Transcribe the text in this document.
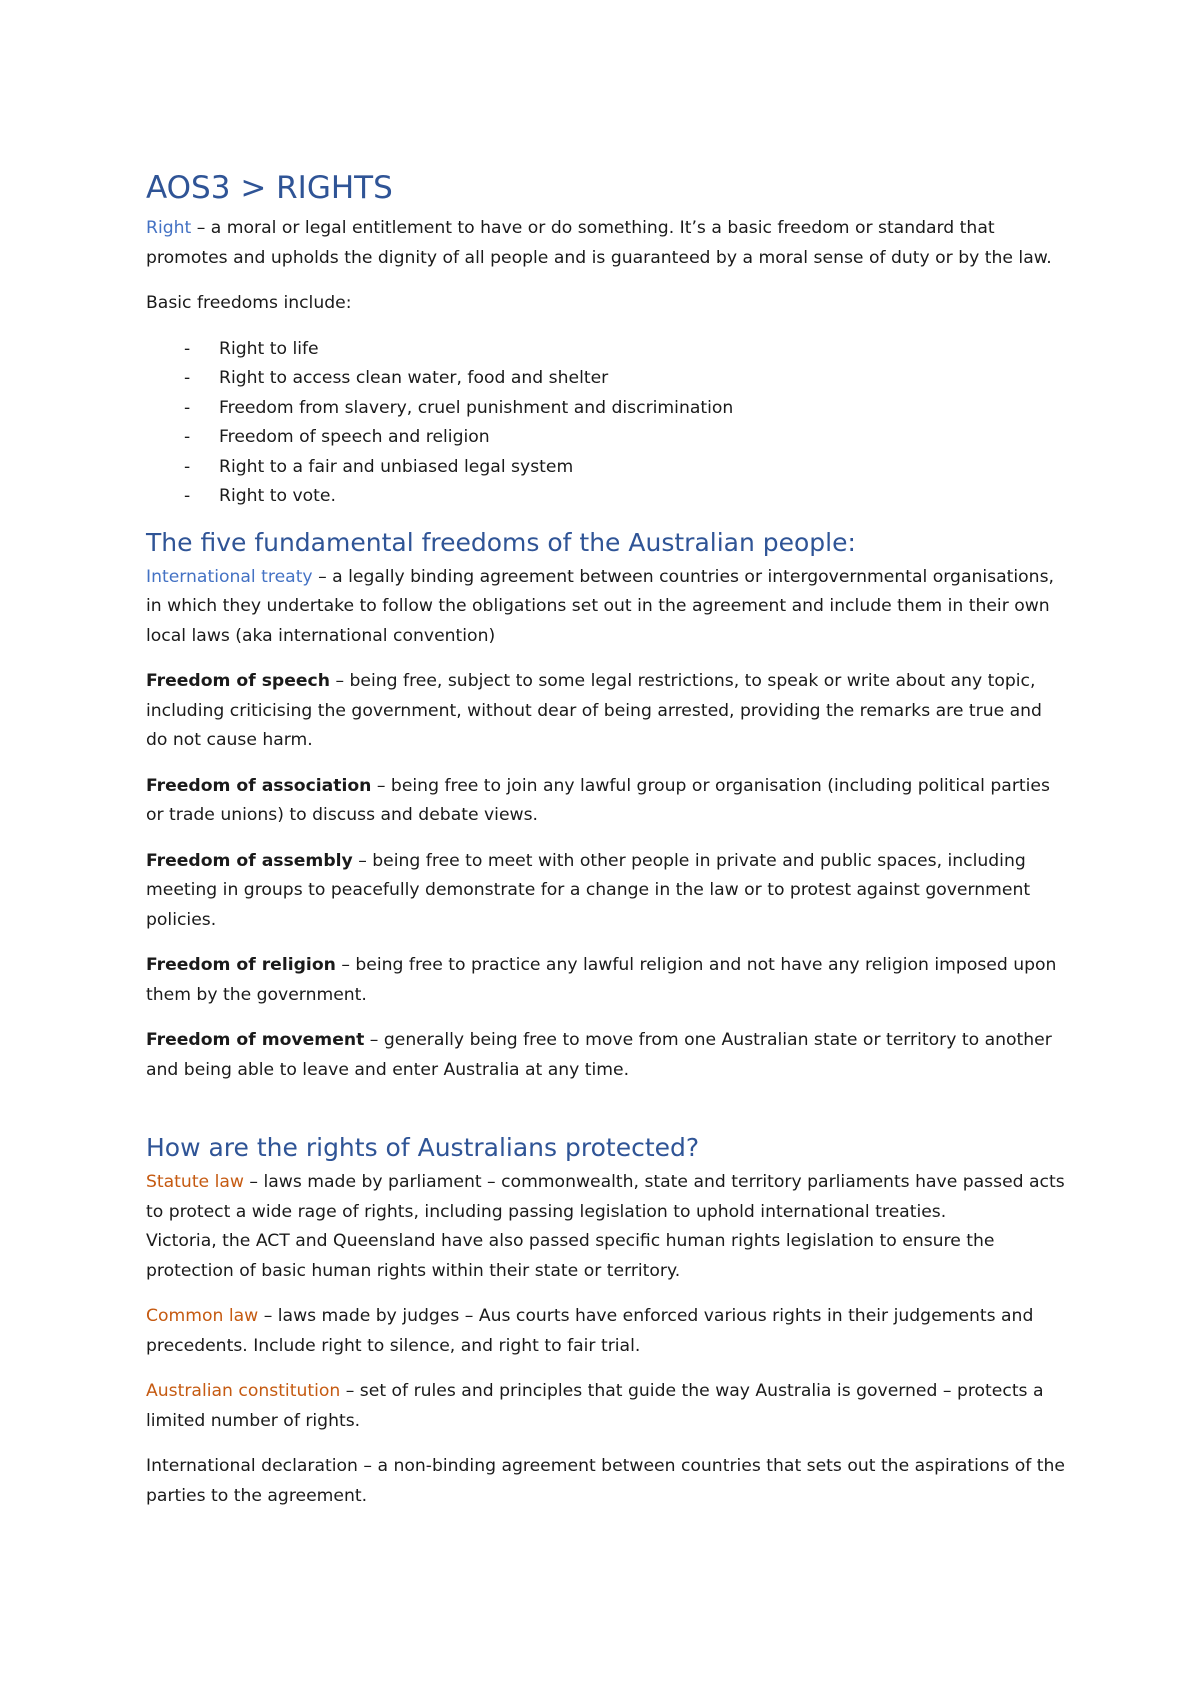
AOS3 > RIGHTS

Right – a moral or legal entitlement to have or do something. It’s a basic freedom or standard that promotes and upholds the dignity of all people and is guaranteed by a moral sense of duty or by the law.

Basic freedoms include:

- Right to life
- Right to access clean water, food and shelter
- Freedom from slavery, cruel punishment and discrimination
- Freedom of speech and religion
- Right to a fair and unbiased legal system
- Right to vote.
The five fundamental freedoms of the Australian people:

International treaty – a legally binding agreement between countries or intergovernmental organisations, in which they undertake to follow the obligations set out in the agreement and include them in their own local laws (aka international convention)

Freedom of speech – being free, subject to some legal restrictions, to speak or write about any topic, including criticising the government, without dear of being arrested, providing the remarks are true and do not cause harm.

Freedom of association – being free to join any lawful group or organisation (including political parties or trade unions) to discuss and debate views.

Freedom of assembly – being free to meet with other people in private and public spaces, including meeting in groups to peacefully demonstrate for a change in the law or to protest against government policies.

Freedom of religion – being free to practice any lawful religion and not have any religion imposed upon them by the government.

Freedom of movement – generally being free to move from one Australian state or territory to another and being able to leave and enter Australia at any time.

How are the rights of Australians protected?

Statute law – laws made by parliament – commonwealth, state and territory parliaments have passed acts to protect a wide rage of rights, including passing legislation to uphold international treaties.Victoria, the ACT and Queensland have also passed specific human rights legislation to ensure the protection of basic human rights within their state or territory.

Common law – laws made by judges – Aus courts have enforced various rights in their judgements and precedents. Include right to silence, and right to fair trial.

Australian constitution – set of rules and principles that guide the way Australia is governed – protects a limited number of rights.

International declaration – a non-binding agreement between countries that sets out the aspirations of the parties to the agreement.
